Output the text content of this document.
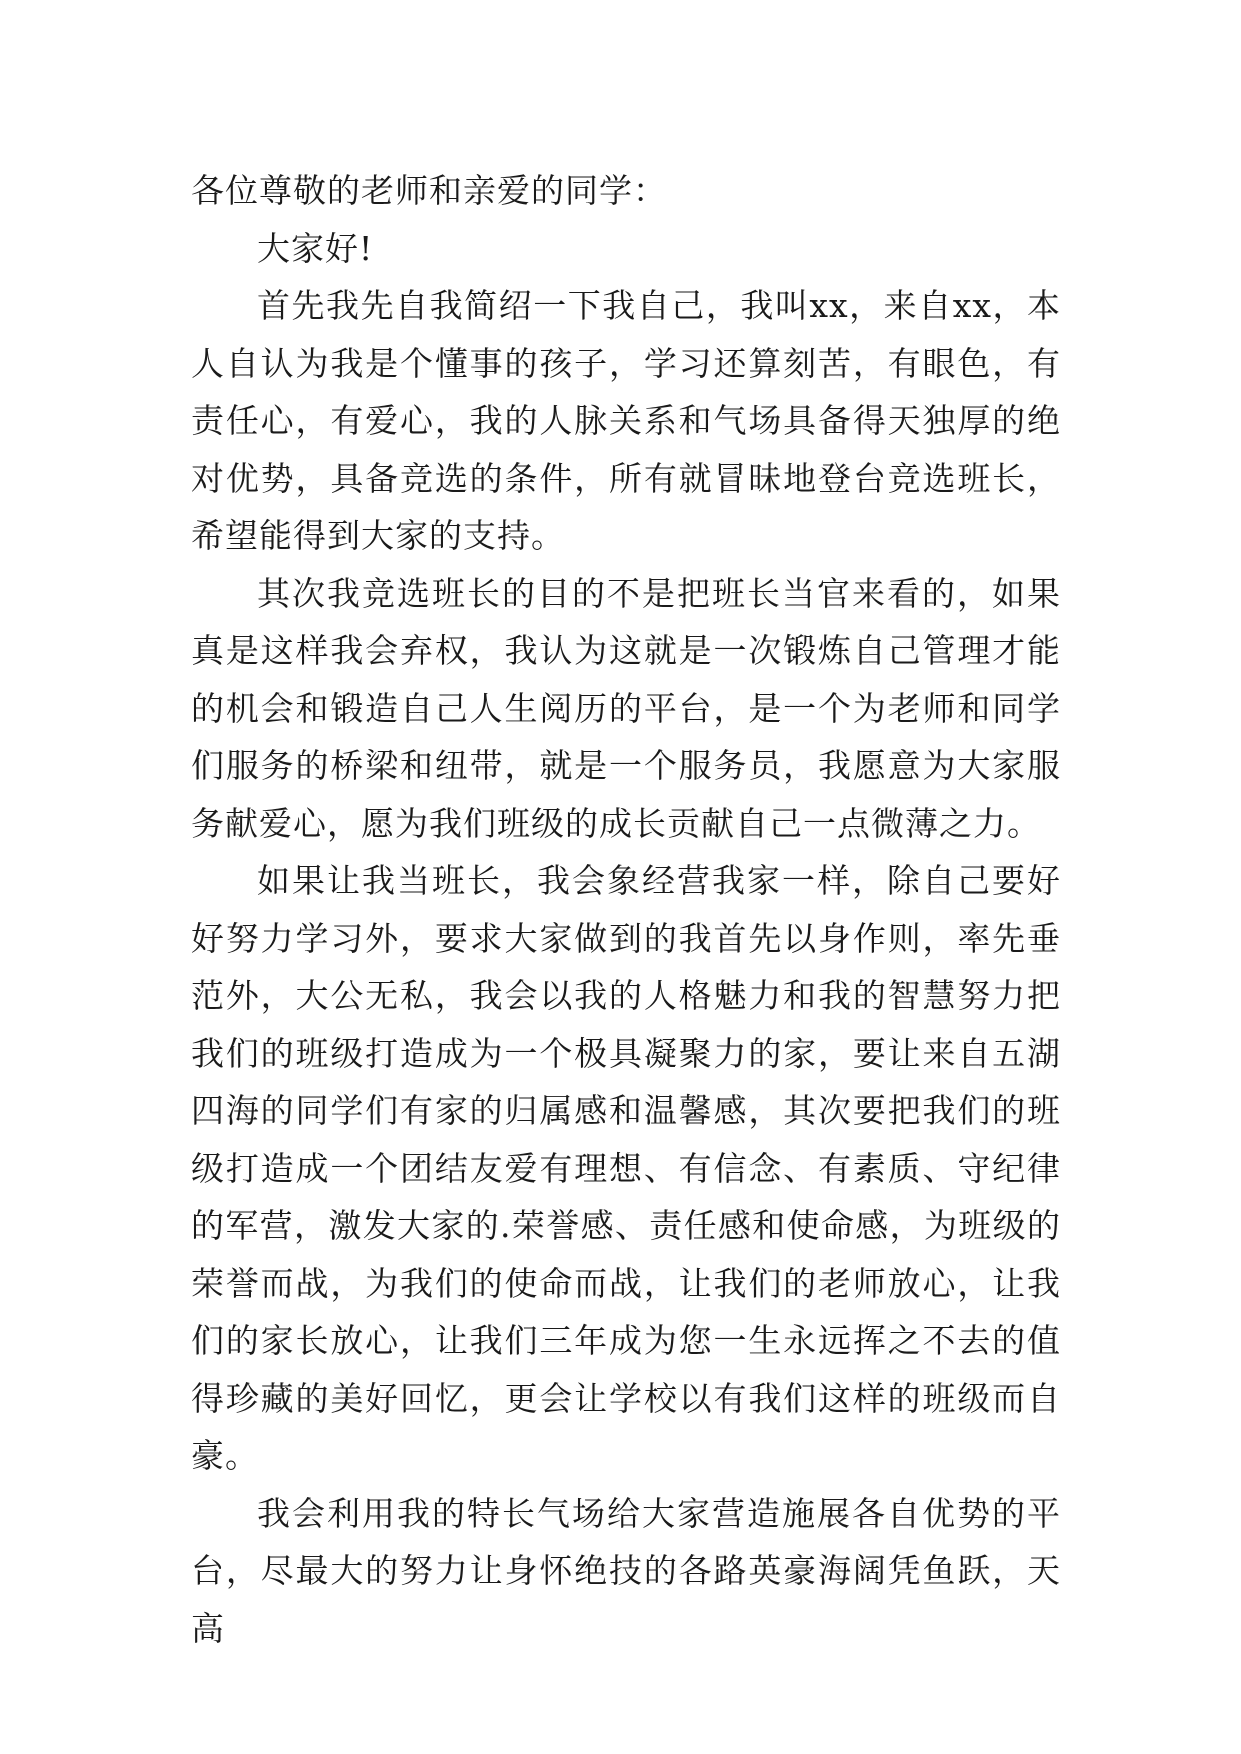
各位尊敬的老师和亲爱的同学：

大家好!

首先我先自我简绍一下我自己，我叫xx，来自xx，本人自认为我是个懂事的孩子，学习还算刻苦，有眼色，有责任心，有爱心，我的人脉关系和气场具备得天独厚的绝对优势，具备竞选的条件，所有就冒昧地登台竞选班长，希望能得到大家的支持。

其次我竞选班长的目的不是把班长当官来看的，如果真是这样我会弃权，我认为这就是一次锻炼自己管理才能的机会和锻造自己人生阅历的平台，是一个为老师和同学们服务的桥梁和纽带，就是一个服务员，我愿意为大家服务献爱心，愿为我们班级的成长贡献自己一点微薄之力。

如果让我当班长，我会象经营我家一样，除自己要好好努力学习外，要求大家做到的我首先以身作则，率先垂范外，大公无私，我会以我的人格魅力和我的智慧努力把我们的班级打造成为一个极具凝聚力的家，要让来自五湖四海的同学们有家的归属感和温馨感，其次要把我们的班级打造成一个团结友爱有理想、有信念、有素质、守纪律的军营，激发大家的.荣誉感、责任感和使命感，为班级的荣誉而战，为我们的使命而战，让我们的老师放心，让我们的家长放心，让我们三年成为您一生永远挥之不去的值得珍藏的美好回忆，更会让学校以有我们这样的班级而自豪。

我会利用我的特长气场给大家营造施展各自优势的平台，尽最大的努力让身怀绝技的各路英豪海阔凭鱼跃，天高
